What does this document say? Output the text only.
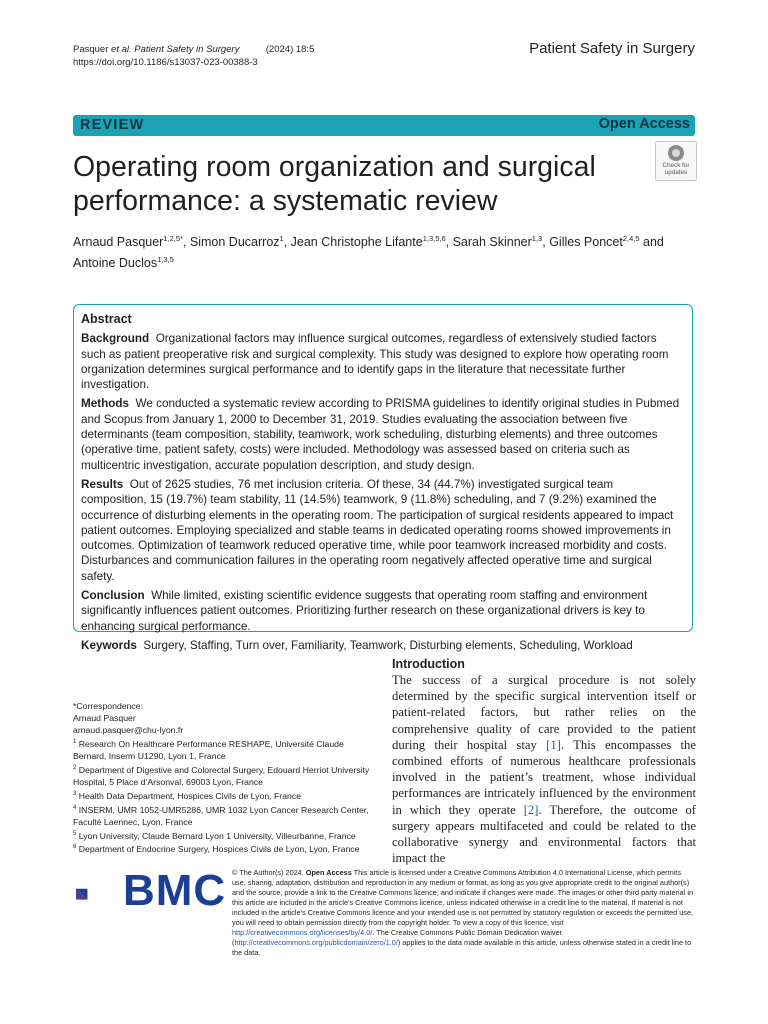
Pasquer et al. Patient Safety in Surgery	(2024) 18:5
https://doi.org/10.1186/s13037-023-00388-3
Patient Safety in Surgery
REVIEW	Open Access
Operating room organization and surgical performance: a systematic review
Check for
updates
Arnaud Pasquer$^{1,2,5*}$, Simon Ducarroz$^1$, Jean Christophe Lifante$^{1,3,5,6}$, Sarah Skinner$^{1,3}$, Gilles Poncet$^{2,4,5}$ and Antoine Duclos$^{1,3,5}$
Abstract

Background Organizational factors may influence surgical outcomes, regardless of extensively studied factors such as patient preoperative risk and surgical complexity. This study was designed to explore how operating room organization determines surgical performance and to identify gaps in the literature that necessitate further investigation.

Methods We conducted a systematic review according to PRISMA guidelines to identify original studies in Pubmed and Scopus from January 1, 2000 to December 31, 2019. Studies evaluating the association between five determinants (team composition, stability, teamwork, work scheduling, disturbing elements) and three outcomes (operative time, patient safety, costs) were included. Methodology was assessed based on criteria such as multicentric investigation, accurate population description, and study design.

Results Out of 2625 studies, 76 met inclusion criteria. Of these, 34 (44.7%) investigated surgical team composition, 15 (19.7%) team stability, 11 (14.5%) teamwork, 9 (11.8%) scheduling, and 7 (9.2%) examined the occurrence of disturbing elements in the operating room. The participation of surgical residents appeared to impact patient outcomes. Employing specialized and stable teams in dedicated operating rooms showed improvements in outcomes. Optimization of teamwork reduced operative time, while poor teamwork increased morbidity and costs. Disturbances and communication failures in the operating room negatively affected operative time and surgical safety.

Conclusion While limited, existing scientific evidence suggests that operating room staffing and environment significantly influences patient outcomes. Prioritizing further research on these organizational drivers is key to enhancing surgical performance.

Keywords Surgery, Staffing, Turn over, Familiarity, Teamwork, Disturbing elements, Scheduling, Workload

*Correspondence:
Arnaud Pasquer
arnaud.pasquer@chu-lyon.fr
$^1$ Research On Healthcare Performance RESHAPE, Université Claude Bernard, Inserm U1290, Lyon 1, France
$^2$ Department of Digestive and Colorectal Surgery, Edouard Herriot University Hospital, 5 Place d’Arsonval, 69003 Lyon, France
$^3$ Health Data Department, Hospices Civils de Lyon, France
$^4$ INSERM, UMR 1052-UMR5286, UMR 1032 Lyon Cancer Research Center, Faculté Laennec, Lyon, France
$^5$ Lyon University, Claude Bernard Lyon 1 University, Villeurbanne, France
$^6$ Department of Endocrine Surgery, Hospices Civils de Lyon, Lyon, France
Introduction
The success of a surgical procedure is not solely determined by the specific surgical intervention itself or patient-related factors, but rather relies on the comprehensive quality of care provided to the patient during their hospital stay [1]. This encompasses the combined efforts of numerous healthcare professionals involved in the patient’s treatment, whose individual performances are intricately influenced by the environment in which they operate [2]. Therefore, the outcome of surgery appears multifaceted and could be related to the collaborative synergy and environmental factors that impact the
BMC © The Author(s) 2024. Open Access This article is licensed under a Creative Commons Attribution 4.0 International License, which permits use, sharing, adaptation, distribution and reproduction in any medium or format, as long as you give appropriate credit to the original author(s) and the source, provide a link to the Creative Commons licence, and indicate if changes were made. The images or other third party material in this article are included in the article’s Creative Commons licence, unless indicated otherwise in a credit line to the material. If material is not included in the article’s Creative Commons licence and your intended use is not permitted by statutory regulation or exceeds the permitted use, you will need to obtain permission directly from the copyright holder. To view a copy of this licence, visit http://creativecommons.org/licenses/by/4.0/. The Creative Commons Public Domain Dedication waiver (http://creativecommons.org/publicdomain/zero/1.0/) applies to the data made available in this article, unless otherwise stated in a credit line to the data.
